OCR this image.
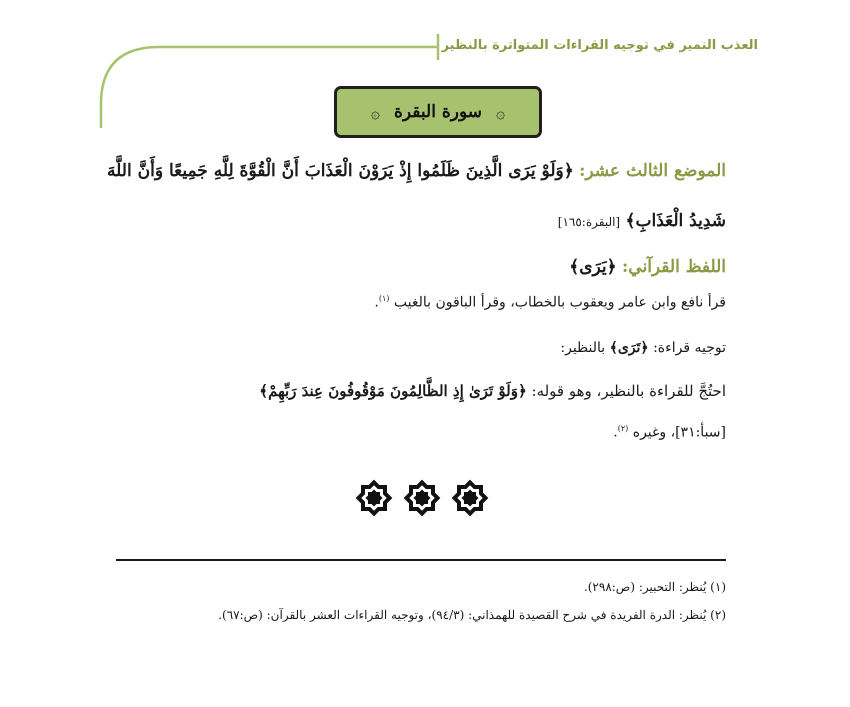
العذب النمير في توجيه القراءات المتواترة بالنظير
۞
سورة البقرة
۞
الموضع الثالث عشر: ﴿وَلَوْ يَرَى الَّذِينَ ظَلَمُوا إِذْ يَرَوْنَ الْعَذَابَ أَنَّ الْقُوَّةَ لِلَّهِ جَمِيعًا وَأَنَّ اللَّهَ
شَدِيدُ الْعَذَابِ﴾ [البقرة:١٦٥]
اللفظ القرآني: ﴿يَرَى﴾
قرأ نافع وابن عامر ويعقوب بالخطاب، وقرأ الباقون بالغيب $^{(١)}$.
توجيه قراءة: ﴿تَرَى﴾ بالنظير:
احتُجَّ للقراءة بالنظير، وهو قوله: ﴿وَلَوْ تَرَىٰ إِذِ الظَّالِمُونَ مَوْقُوفُونَ عِندَ رَبِّهِمْ﴾
[سبأ:٣١]، وغيره $^{(٢)}$.
(١) يُنظر: التحبير: (ص:٢٩٨).
(٢) يُنظر: الدرة الفريدة في شرح القصيدة للهمذاني: (٩٤/٣)، وتوجيه القراءات العشر بالقرآن: (ص:٦٧).
